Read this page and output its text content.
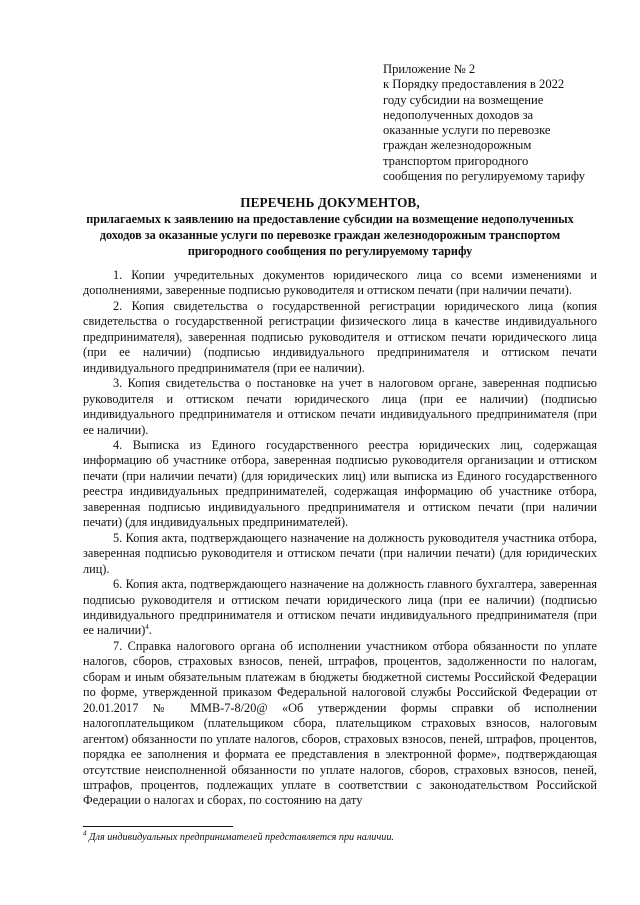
Приложение № 2
к Порядку предоставления в 2022
году субсидии на возмещение
недополученных доходов за
оказанные услуги по перевозке
граждан железнодорожным
транспортом пригородного
сообщения по регулируемому тарифу
ПЕРЕЧЕНЬ ДОКУМЕНТОВ,
прилагаемых к заявлению на предоставление субсидии на возмещение недополученных
доходов за оказанные услуги по перевозке граждан железнодорожным транспортом
пригородного сообщения по регулируемому тарифу

1. Копии учредительных документов юридического лица со всеми изменениями и дополнениями, заверенные подписью руководителя и оттиском печати (при наличии печати).

2. Копия свидетельства о государственной регистрации юридического лица (копия свидетельства о государственной регистрации физического лица в качестве индивидуального предпринимателя), заверенная подписью руководителя и оттиском печати юридического лица (при ее наличии) (подписью индивидуального предпринимателя и оттиском печати индивидуального предпринимателя (при ее наличии).

3. Копия свидетельства о постановке на учет в налоговом органе, заверенная подписью руководителя и оттиском печати юридического лица (при ее наличии) (подписью индивидуального предпринимателя и оттиском печати индивидуального предпринимателя (при ее наличии).

4. Выписка из Единого государственного реестра юридических лиц, содержащая информацию об участнике отбора, заверенная подписью руководителя организации и оттиском печати (при наличии печати) (для юридических лиц) или выписка из Единого государственного реестра индивидуальных предпринимателей, содержащая информацию об участнике отбора, заверенная подписью индивидуального предпринимателя и оттиском печати (при наличии печати) (для индивидуальных предпринимателей).

5. Копия акта, подтверждающего назначение на должность руководителя участника отбора, заверенная подписью руководителя и оттиском печати (при наличии печати) (для юридических лиц).

6. Копия акта, подтверждающего назначение на должность главного бухгалтера, заверенная подписью руководителя и оттиском печати юридического лица (при ее наличии) (подписью индивидуального предпринимателя и оттиском печати индивидуального предпринимателя (при ее наличии)$^4$.

7. Справка налогового органа об исполнении участником отбора обязанности по уплате налогов, сборов, страховых взносов, пеней, штрафов, процентов, задолженности по налогам, сборам и иным обязательным платежам в бюджеты бюджетной системы Российской Федерации по форме, утвержденной приказом Федеральной налоговой службы Российской Федерации от 20.01.2017 № ММВ-7-8/20@ «Об утверждении формы справки об исполнении налогоплательщиком (плательщиком сбора, плательщиком страховых взносов, налоговым агентом) обязанности по уплате налогов, сборов, страховых взносов, пеней, штрафов, процентов, порядка ее заполнения и формата ее представления в электронной форме», подтверждающая отсутствие неисполненной обязанности по уплате налогов, сборов, страховых взносов, пеней, штрафов, процентов, подлежащих уплате в соответствии с законодательством Российской Федерации о налогах и сборах, по состоянию на дату

$^4$ Для индивидуальных предпринимателей представляется при наличии.
